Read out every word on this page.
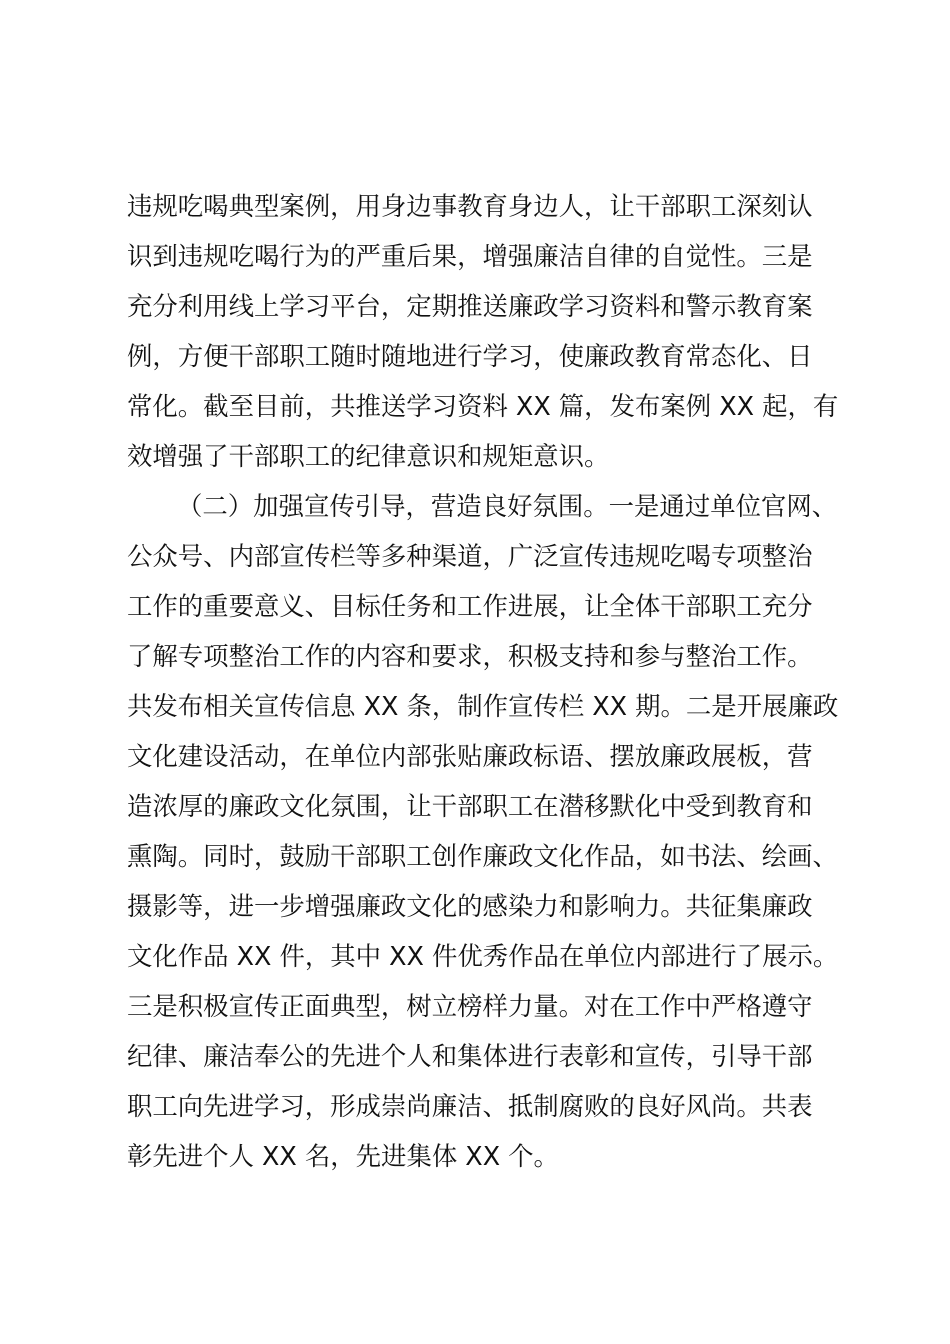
违规吃喝典型案例，用身边事教育身边人，让干部职工深刻认
识到违规吃喝行为的严重后果，增强廉洁自律的自觉性。三是
充分利用线上学习平台，定期推送廉政学习资料和警示教育案
例，方便干部职工随时随地进行学习，使廉政教育常态化、日
常化。截至目前，共推送学习资料 XX 篇，发布案例 XX 起，有
效增强了干部职工的纪律意识和规矩意识。
（二）加强宣传引导，营造良好氛围。一是通过单位官网、
公众号、内部宣传栏等多种渠道，广泛宣传违规吃喝专项整治
工作的重要意义、目标任务和工作进展，让全体干部职工充分
了解专项整治工作的内容和要求，积极支持和参与整治工作。
共发布相关宣传信息 XX 条，制作宣传栏 XX 期。二是开展廉政
文化建设活动，在单位内部张贴廉政标语、摆放廉政展板，营
造浓厚的廉政文化氛围，让干部职工在潜移默化中受到教育和
熏陶。同时，鼓励干部职工创作廉政文化作品，如书法、绘画、
摄影等，进一步增强廉政文化的感染力和影响力。共征集廉政
文化作品 XX 件，其中 XX 件优秀作品在单位内部进行了展示。
三是积极宣传正面典型，树立榜样力量。对在工作中严格遵守
纪律、廉洁奉公的先进个人和集体进行表彰和宣传，引导干部
职工向先进学习，形成崇尚廉洁、抵制腐败的良好风尚。共表
彰先进个人 XX 名，先进集体 XX 个。
